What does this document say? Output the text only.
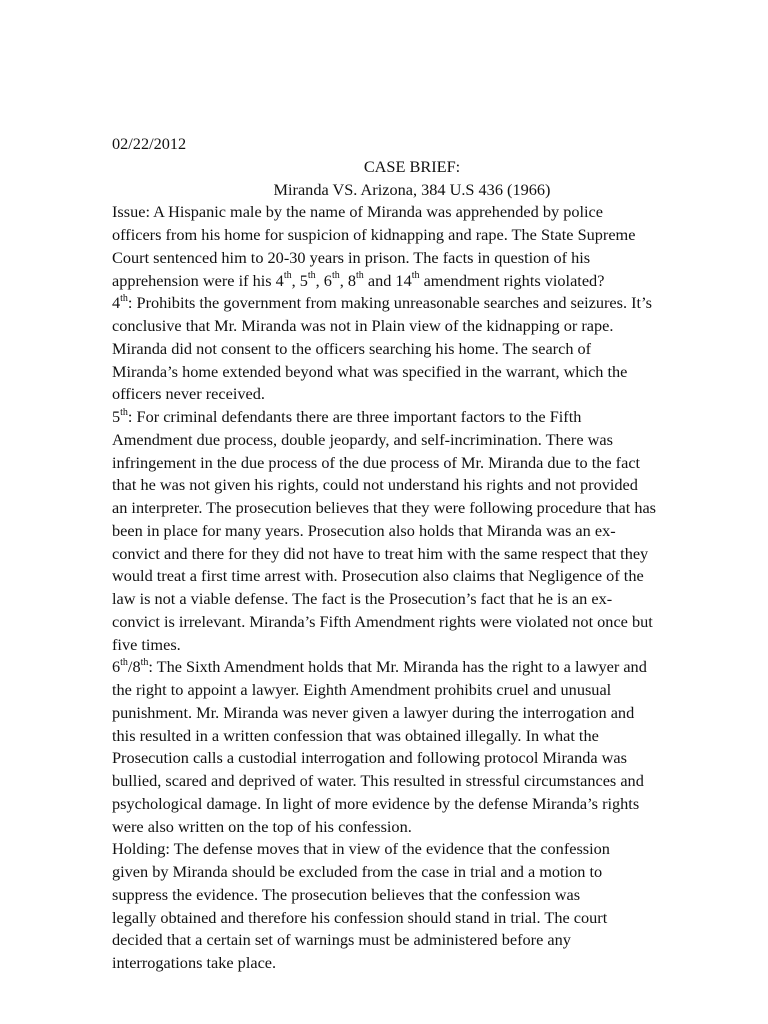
02/22/2012
CASE BRIEF:
Miranda VS. Arizona, 384 U.S 436 (1966)
Issue: A Hispanic male by the name of Miranda was apprehended by police
officers from his home for suspicion of kidnapping and rape. The State Supreme
Court sentenced him to 20-30 years in prison. The facts in question of his
apprehension were if his 4th, 5th, 6th, 8th and 14th amendment rights violated?
4th: Prohibits the government from making unreasonable searches and seizures. It’s
conclusive that Mr. Miranda was not in Plain view of the kidnapping or rape.
Miranda did not consent to the officers searching his home. The search of
Miranda’s home extended beyond what was specified in the warrant, which the
officers never received.
5th: For criminal defendants there are three important factors to the Fifth
Amendment due process, double jeopardy, and self-incrimination. There was
infringement in the due process of the due process of Mr. Miranda due to the fact
that he was not given his rights, could not understand his rights and not provided
an interpreter. The prosecution believes that they were following procedure that has
been in place for many years. Prosecution also holds that Miranda was an ex-
convict and there for they did not have to treat him with the same respect that they
would treat a first time arrest with. Prosecution also claims that Negligence of the
law is not a viable defense. The fact is the Prosecution’s fact that he is an ex-
convict is irrelevant. Miranda’s Fifth Amendment rights were violated not once but
five times.
6th/8th: The Sixth Amendment holds that Mr. Miranda has the right to a lawyer and
the right to appoint a lawyer. Eighth Amendment prohibits cruel and unusual
punishment. Mr. Miranda was never given a lawyer during the interrogation and
this resulted in a written confession that was obtained illegally. In what the
Prosecution calls a custodial interrogation and following protocol Miranda was
bullied, scared and deprived of water. This resulted in stressful circumstances and
psychological damage. In light of more evidence by the defense Miranda’s rights
were also written on the top of his confession.
Holding: The defense moves that in view of the evidence that the confession
given by Miranda should be excluded from the case in trial and a motion to
suppress the evidence. The prosecution believes that the confession was
legally obtained and therefore his confession should stand in trial. The court
decided that a certain set of warnings must be administered before any
interrogations take place.
